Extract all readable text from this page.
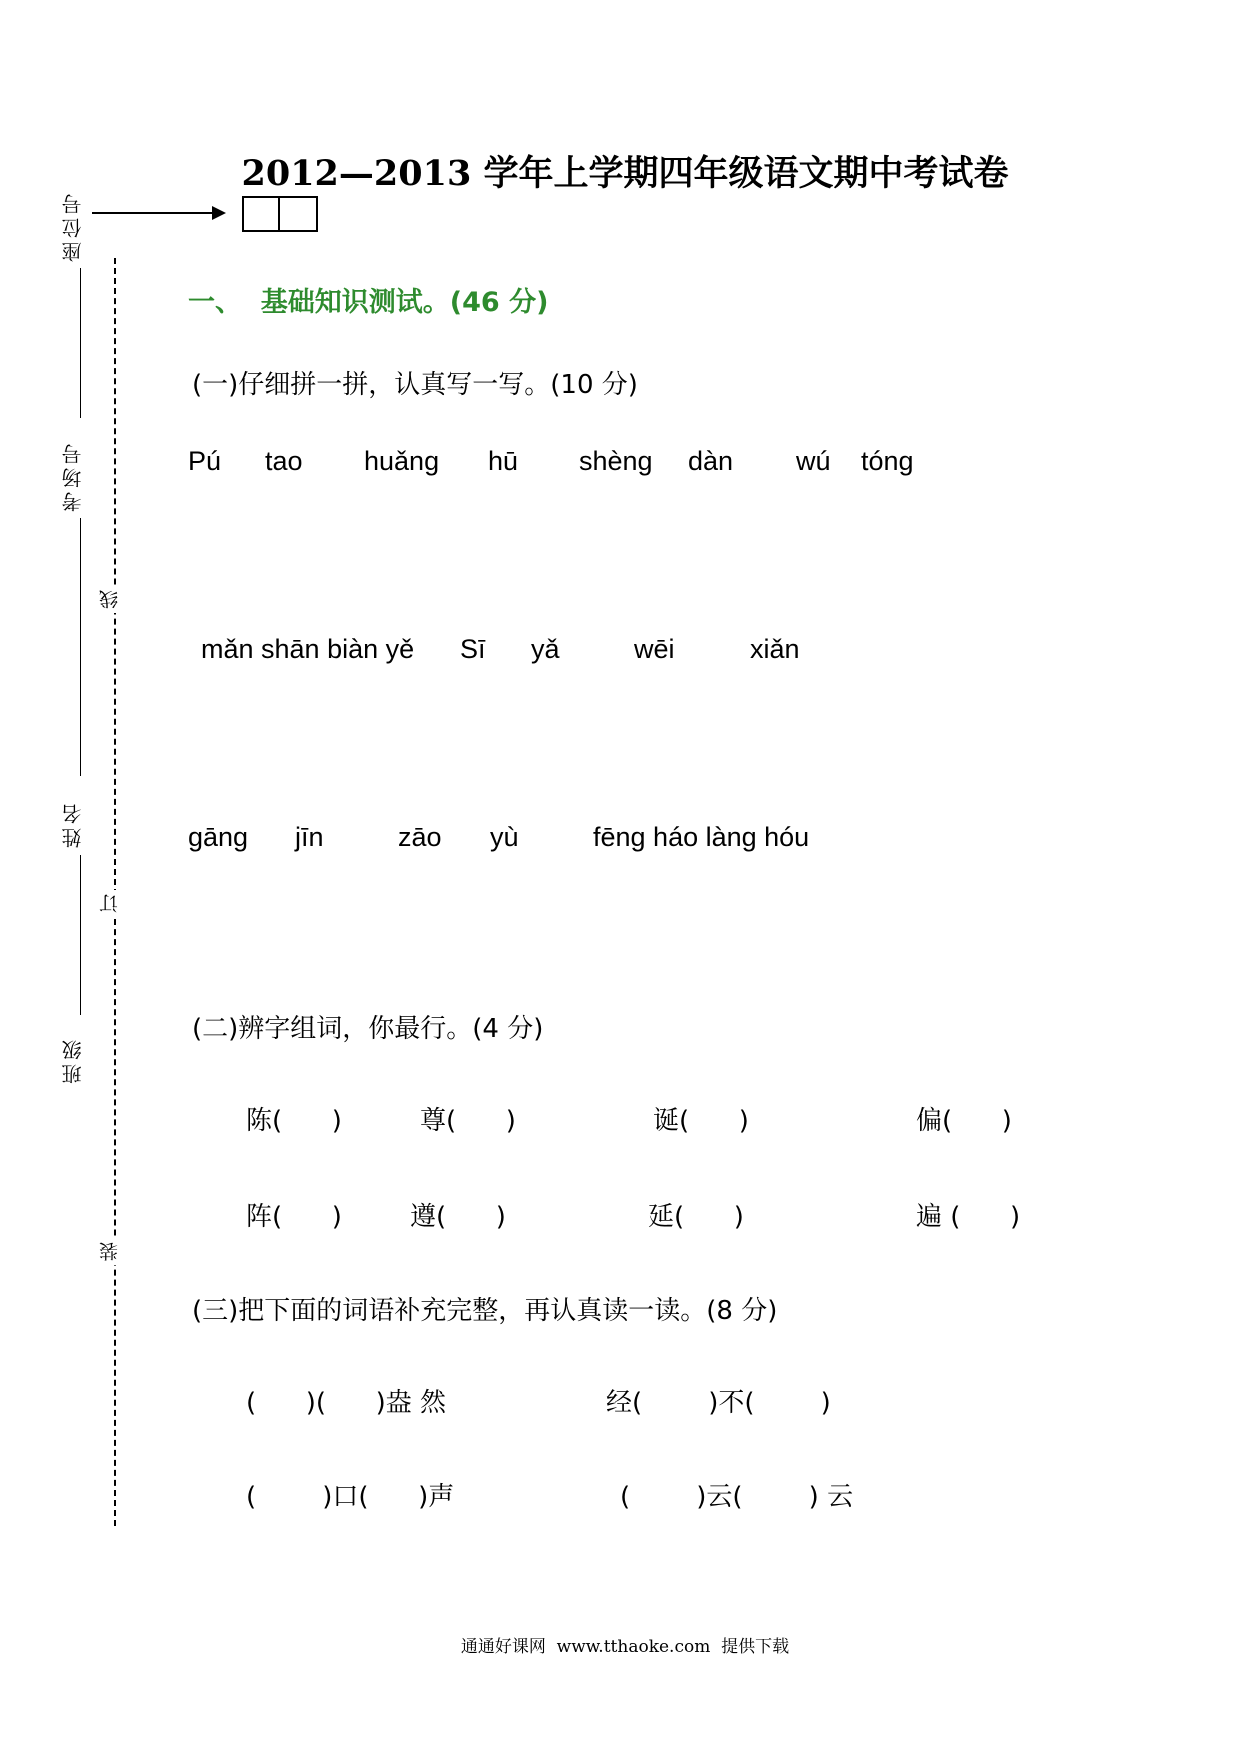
2012—2013 学年上学期四年级语文期中考试卷
座位号
考场号
姓名
班级
线
订
装
一、  基础知识测试。(46 分)
(一)仔细拼一拼，认真写一写。(10 分)
Pú tao huǎng hū shèng dàn wú tóng
mǎn shān biàn yě Sī yǎ	wēi	xiǎn
gāng jīn	zāo yù	fēng háo làng hóu
(二)辨字组词，你最行。(4 分)
陈(      )	尊(      )	诞(      )	偏(      )
阵(      )	遵(      )	延(      )	遍 (      )
(三)把下面的词语补充完整，再认真读一读。(8 分)
(      )(      )盎 然	经(        )不(        )
(        )口(      )声	(        )云(        ) 云
通通好课网  www.tthaoke.com  提供下载
